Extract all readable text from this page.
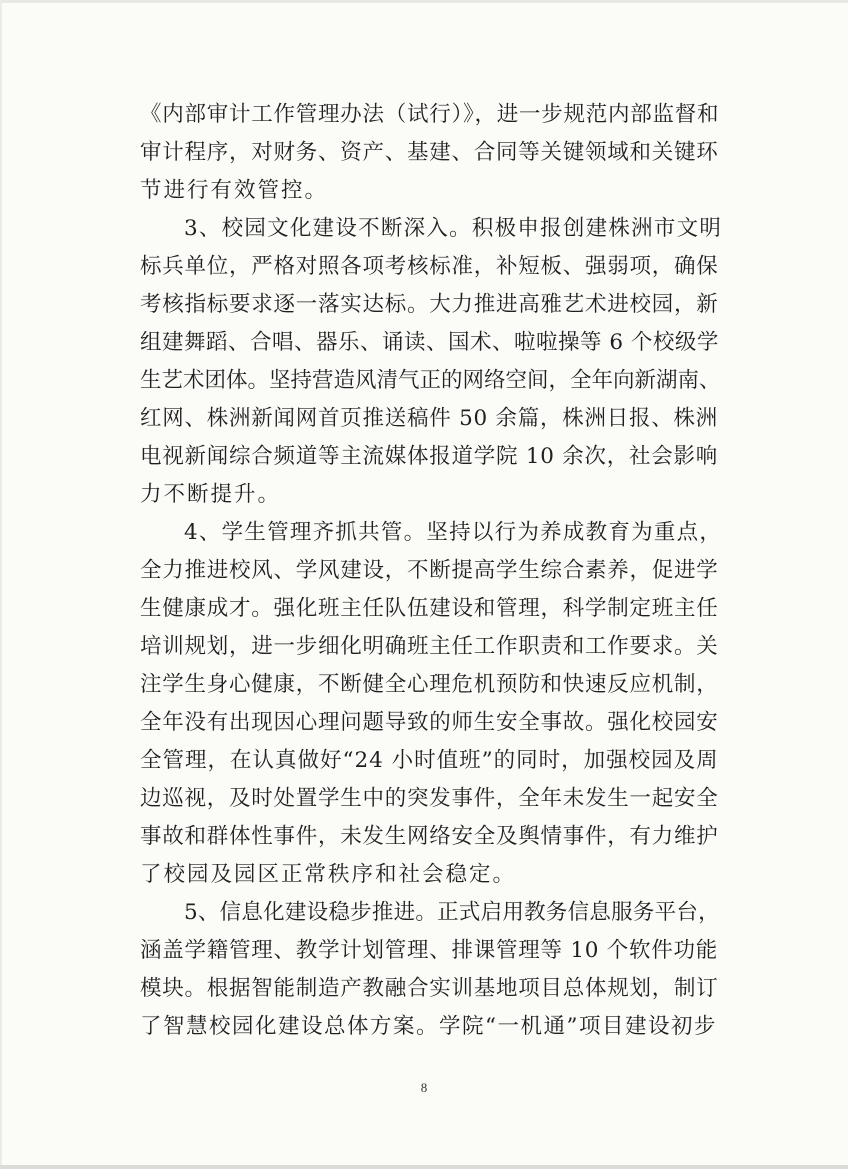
《内部审计工作管理办法（试行）》，进一步规范内部监督和
审计程序，对财务、资产、基建、合同等关键领域和关键环
节进行有效管控。
3、校园文化建设不断深入。积极申报创建株洲市文明
标兵单位，严格对照各项考核标准，补短板、强弱项，确保
考核指标要求逐一落实达标。大力推进高雅艺术进校园，新
组建舞蹈、合唱、器乐、诵读、国术、啦啦操等 6 个校级学
生艺术团体。坚持营造风清气正的网络空间，全年向新湖南、
红网、株洲新闻网首页推送稿件 50 余篇，株洲日报、株洲
电视新闻综合频道等主流媒体报道学院 10 余次，社会影响
力不断提升。
4、学生管理齐抓共管。坚持以行为养成教育为重点，
全力推进校风、学风建设，不断提高学生综合素养，促进学
生健康成才。强化班主任队伍建设和管理，科学制定班主任
培训规划，进一步细化明确班主任工作职责和工作要求。关
注学生身心健康，不断健全心理危机预防和快速反应机制，
全年没有出现因心理问题导致的师生安全事故。强化校园安
全管理，在认真做好“24 小时值班”的同时，加强校园及周
边巡视，及时处置学生中的突发事件，全年未发生一起安全
事故和群体性事件，未发生网络安全及舆情事件，有力维护
了校园及园区正常秩序和社会稳定。
5、信息化建设稳步推进。正式启用教务信息服务平台，
涵盖学籍管理、教学计划管理、排课管理等 10 个软件功能
模块。根据智能制造产教融合实训基地项目总体规划，制订
了智慧校园化建设总体方案。学院“一机通”项目建设初步
8
